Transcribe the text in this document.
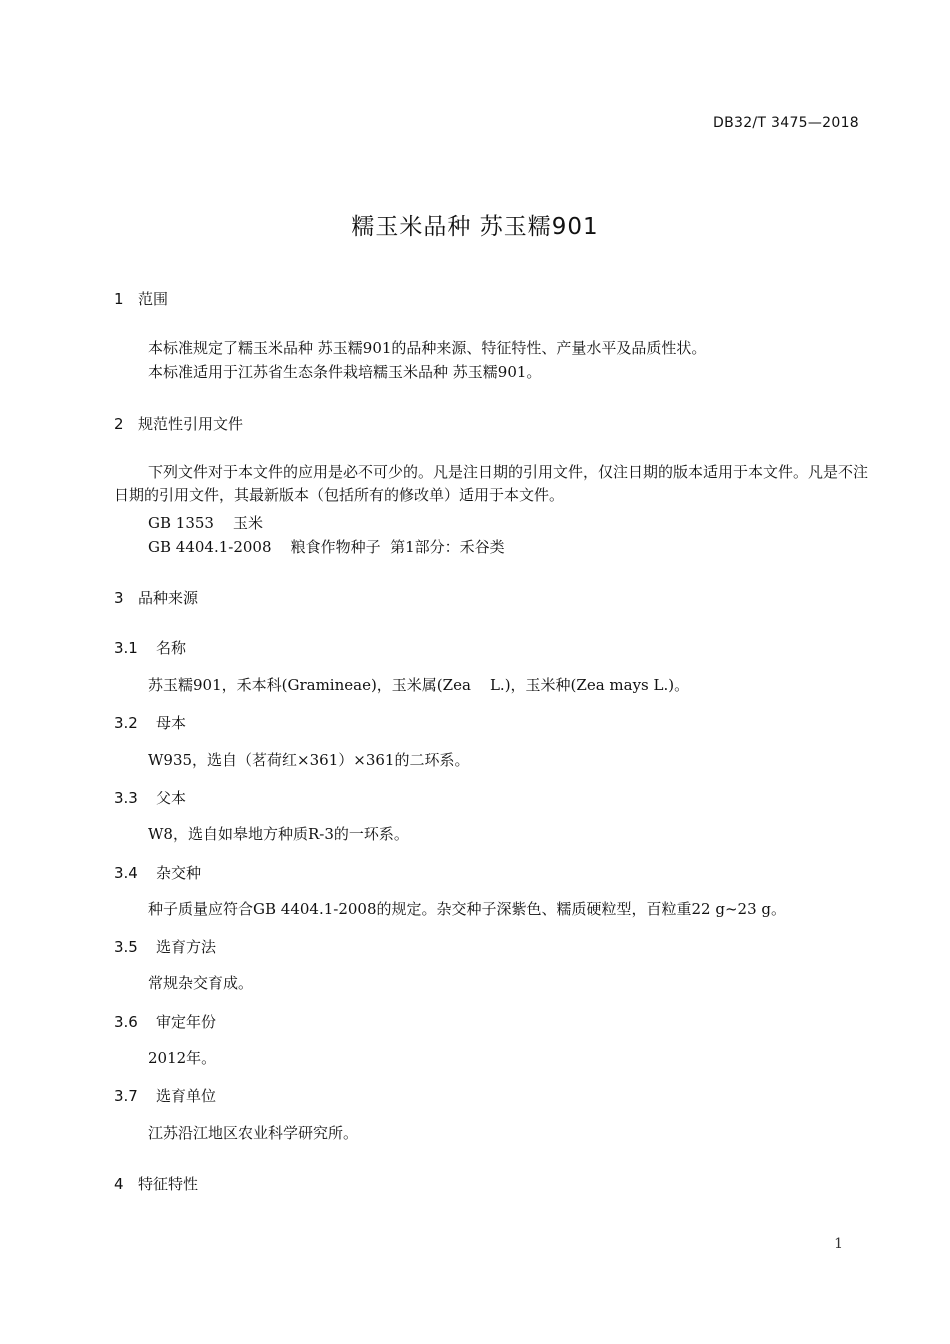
DB32/T 3475—2018
糯玉米品种 苏玉糯901
1 范围

本标准规定了糯玉米品种 苏玉糯901的品种来源、特征特性、产量水平及品质性状。

本标准适用于江苏省生态条件栽培糯玉米品种 苏玉糯901。

2 规范性引用文件

下列文件对于本文件的应用是必不可少的。凡是注日期的引用文件，仅注日期的版本适用于本文件。凡是不注日期的引用文件，其最新版本（包括所有的修改单）适用于本文件。

GB 1353    玉米

GB 4404.1-2008    粮食作物种子  第1部分：禾谷类

3 品种来源
3.1 名称

苏玉糯901，禾本科(Gramineae)，玉米属(Zea    L.)，玉米种(Zea mays L.)。

3.2 母本

W935，选自（茗荷红×361）×361的二环系。

3.3 父本

W8，选自如皋地方种质R-3的一环系。

3.4 杂交种

种子质量应符合GB 4404.1-2008的规定。杂交种子深紫色、糯质硬粒型，百粒重22 g~23 g。

3.5 选育方法

常规杂交育成。

3.6 审定年份

2012年。

3.7 选育单位

江苏沿江地区农业科学研究所。

4 特征特性
1
